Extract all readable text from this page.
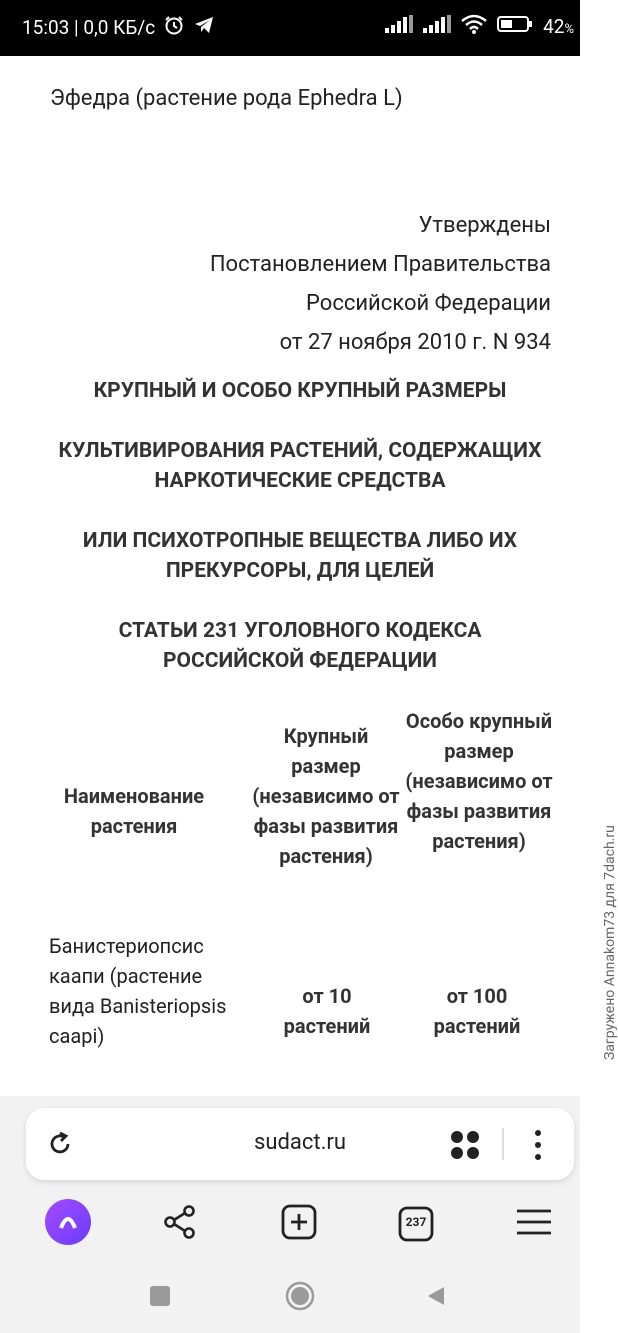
15:03 | 0,0 КБ/с	42%
Загружено Annakom73 для 7dach.ru
Эфедра (растение рода Ephedra L)
Утверждены
Постановлением Правительства
Российской Федерации
от 27 ноября 2010 г. N 934
КРУПНЫЙ И ОСОБО КРУПНЫЙ РАЗМЕРЫ
КУЛЬТИВИРОВАНИЯ РАСТЕНИЙ, СОДЕРЖАЩИХ НАРКОТИЧЕСКИЕ СРЕДСТВА
ИЛИ ПСИХОТРОПНЫЕ ВЕЩЕСТВА ЛИБО ИХ ПРЕКУРСОРЫ, ДЛЯ ЦЕЛЕЙ
СТАТЬИ 231 УГОЛОВНОГО КОДЕКСА РОССИЙСКОЙ ФЕДЕРАЦИИ
Наименование растения
Крупный размер (независимо от фазы развития растения)
Особо крупный размер (независимо от фазы развития растения)
Банистериопсис каапи (растение вида Banisteriopsis caapi)
от 10 растений
от 100 растений
sudact.ru
237
